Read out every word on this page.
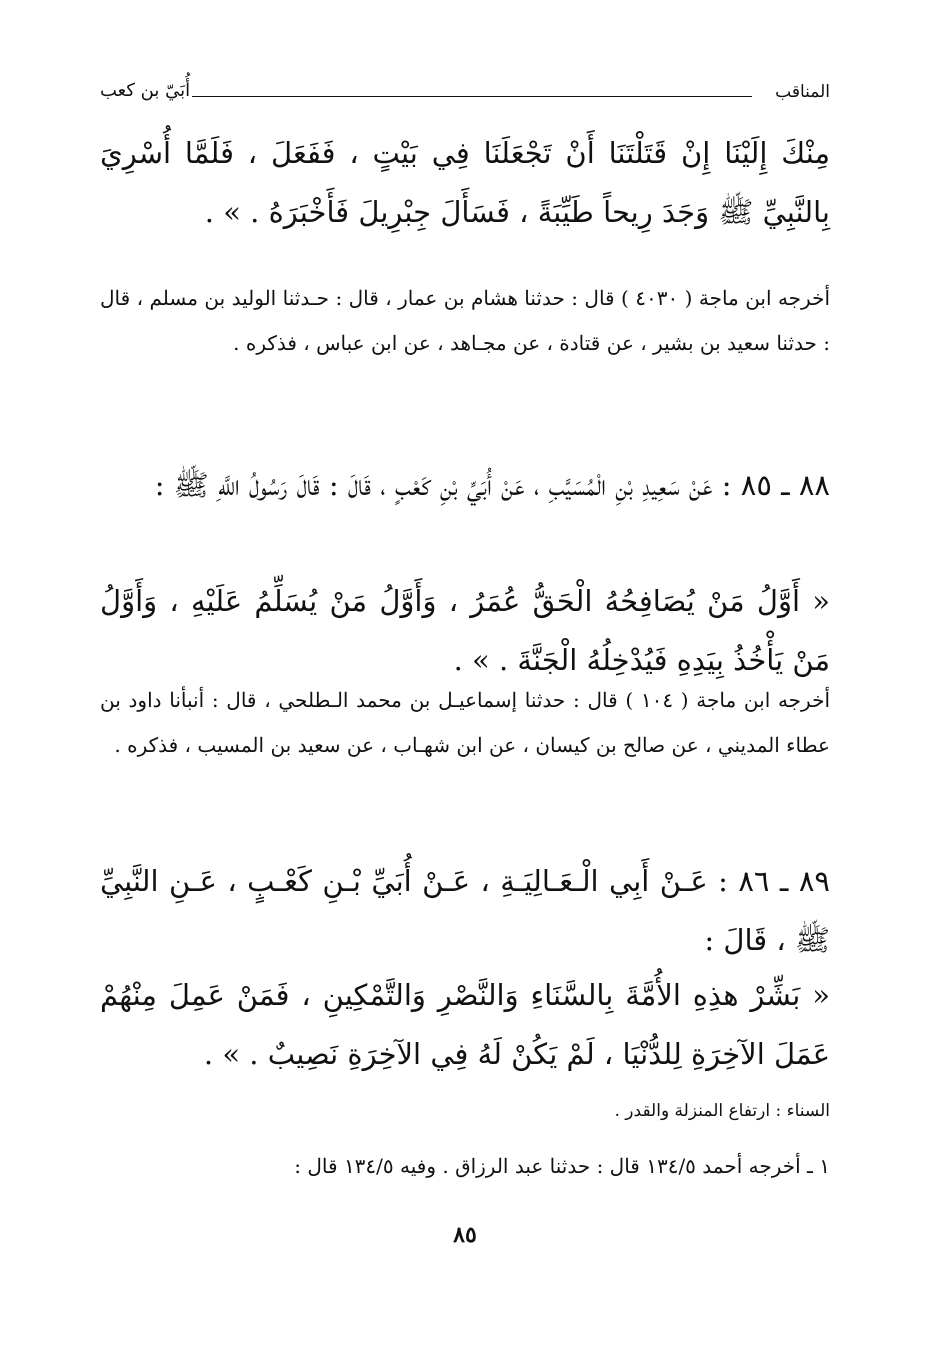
المناقب
أُبَيّ بن كعب

مِنْكَ إِلَيْنَا إِنْ قَتَلْتَنَا أَنْ تَجْعَلَنَا فِي بَيْتٍ ، فَفَعَلَ ، فَلَمَّا أُسْرِيَ بِالنَّبِيِّ ﷺ وَجَدَ رِيحاً طَيِّبَةً ، فَسَأَلَ جِبْرِيلَ فَأَخْبَرَهُ . » .

أخرجه ابن ماجة ( ٤٠٣٠ ) قال : حدثنا هشام بن عمار ، قال : حـدثنا الوليد بن مسلم ، قال : حدثنا سعيد بن بشير ، عن قتادة ، عن مجـاهد ، عن ابن عباس ، فذكره .

٨٨ ـ ٨٥ : عَنْ سَعِيدِ بْنِ الْمُسَيَّبِ ، عَنْ أُبَيِّ بْنِ كَعْبٍ ، قَالَ : قَالَ رَسُولُ اللَّهِ ﷺ :

« أَوَّلُ مَنْ يُصَافِحُهُ الْحَقُّ عُمَرُ ، وَأَوَّلُ مَنْ يُسَلِّمُ عَلَيْهِ ، وَأَوَّلُ مَنْ يَأْخُذُ بِيَدِهِ فَيُدْخِلُهُ الْجَنَّةَ . » .

أخرجه ابن ماجة ( ١٠٤ ) قال : حدثنا إسماعيـل بن محمد الـطلحي ، قال : أنبأنا داود بن عطاء المديني ، عن صالح بن كيسان ، عن ابن شهـاب ، عن سعيد بن المسيب ، فذكره .

٨٩ ـ ٨٦ : عَـنْ أَبِي الْـعَـالِيَـةِ ، عَـنْ أُبَيِّ بْـنِ كَعْـبٍ ، عَـنِ النَّبِيِّ ﷺ ، قَالَ :

« بَشِّرْ هذِهِ الأُمَّةَ بِالسَّنَاءِ وَالنَّصْرِ وَالتَّمْكِينِ ، فَمَنْ عَمِلَ مِنْهُمْ عَمَلَ الآخِرَةِ لِلدُّنْيَا ، لَمْ يَكُنْ لَهُ فِي الآخِرَةِ نَصِيبٌ . » .

السناء : ارتفاع المنزلة والقدر .

١ ـ أخرجه أحمد ١٣٤/٥ قال : حدثنا عبد الرزاق . وفيه ١٣٤/٥ قال :

٨٥
